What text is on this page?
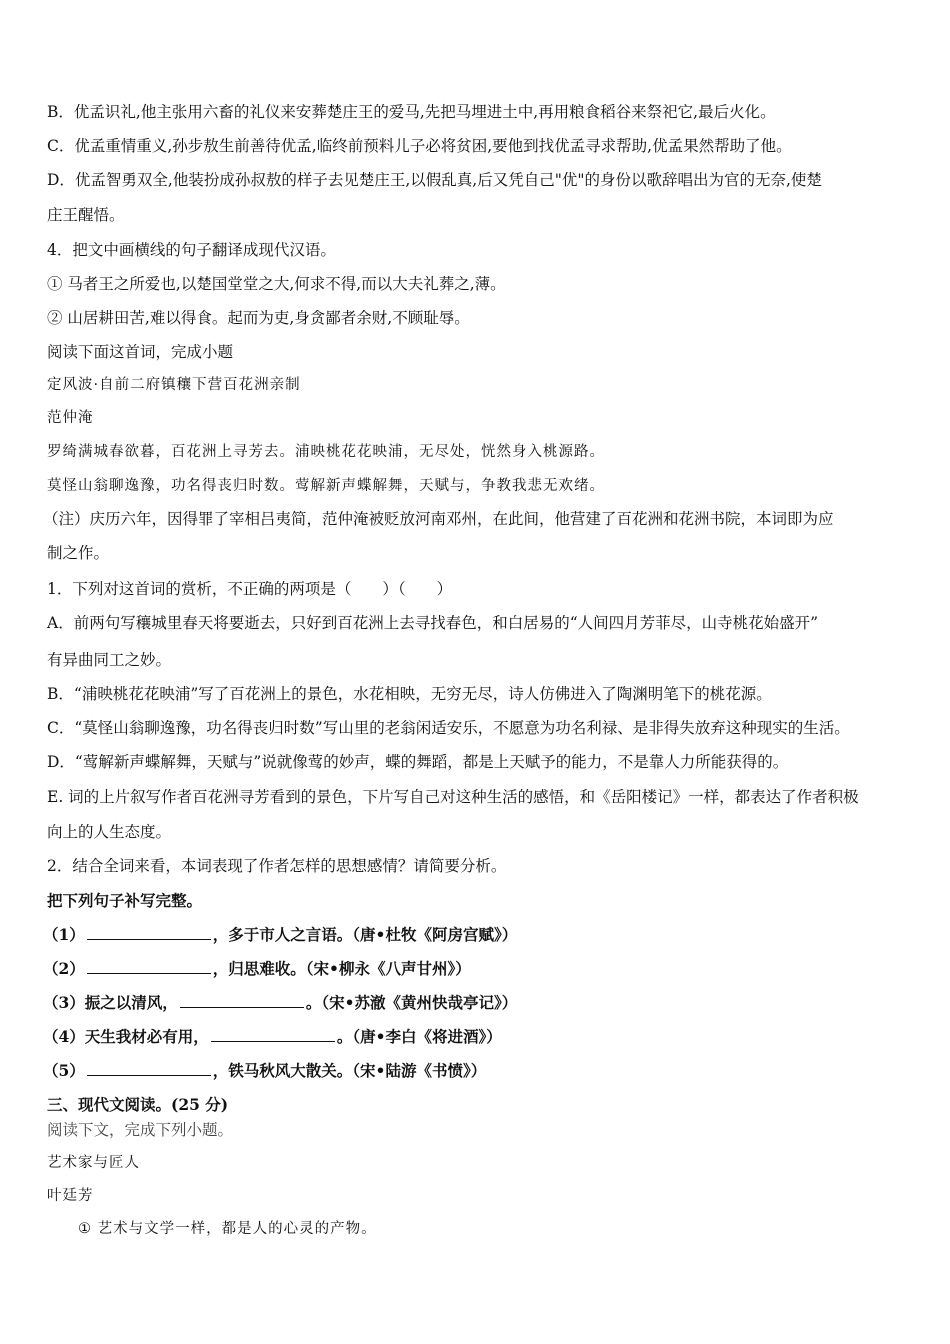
B．优孟识礼,他主张用六畜的礼仪来安葬楚庄王的爱马,先把马埋进土中,再用粮食稻谷来祭祀它,最后火化。
C．优孟重情重义,孙步敖生前善待优孟,临终前预料儿子必将贫困,要他到找优孟寻求帮助,优孟果然帮助了他。
D．优孟智勇双全,他装扮成孙叔敖的样子去见楚庄王,以假乱真,后又凭自己"优"的身份以歌辞唱出为官的无奈,使楚
庄王醒悟。
4．把文中画横线的句子翻译成现代汉语。
① 马者王之所爱也,以楚国堂堂之大,何求不得,而以大夫礼葬之,薄。
② 山居耕田苦,难以得食。起而为吏,身贪鄙者余财,不顾耻辱。
阅读下面这首词，完成小题
定风波·自前二府镇穰下营百花洲亲制
范仲淹
罗绮满城春欲暮，百花洲上寻芳去。浦映桃花花映浦，无尽处，恍然身入桃源路。
莫怪山翁聊逸豫，功名得丧归时数。莺解新声蝶解舞，天赋与，争教我悲无欢绪。
（注）庆历六年，因得罪了宰相吕夷简，范仲淹被贬放河南邓州，在此间，他营建了百花洲和花洲书院，本词即为应
制之作。
1．下列对这首词的赏析，不正确的两项是（　　）（　　）
A．前两句写穰城里春天将要逝去，只好到百花洲上去寻找春色，和白居易的“人间四月芳菲尽，山寺桃花始盛开”
有异曲同工之妙。
B．“浦映桃花花映浦”写了百花洲上的景色，水花相映，无穷无尽，诗人仿佛进入了陶渊明笔下的桃花源。
C．“莫怪山翁聊逸豫，功名得丧归时数”写山里的老翁闲适安乐，不愿意为功名利禄、是非得失放弃这种现实的生活。
D．“莺解新声蝶解舞，天赋与”说就像莺的妙声，蝶的舞蹈，都是上天赋予的能力，不是靠人力所能获得的。
E. 词的上片叙写作者百花洲寻芳看到的景色，下片写自己对这种生活的感悟，和《岳阳楼记》一样，都表达了作者积极
向上的人生态度。
2．结合全词来看，本词表现了作者怎样的思想感情？请简要分析。
把下列句子补写完整。
（1）	，多于市人之言语。（唐•杜牧《阿房宫赋》）
（2）	，归思难收。（宋•柳永《八声甘州》）
（3）振之以清风，	。（宋•苏澈《黄州快哉亭记》）
（4）天生我材必有用，	。（唐•李白《将进酒》）
（5）	，铁马秋风大散关。（宋•陆游《书愤》）
三、现代文阅读。(25 分)
阅读下文，完成下列小题。
艺术家与匠人
叶廷芳
① 艺术与文学一样，都是人的心灵的产物。
